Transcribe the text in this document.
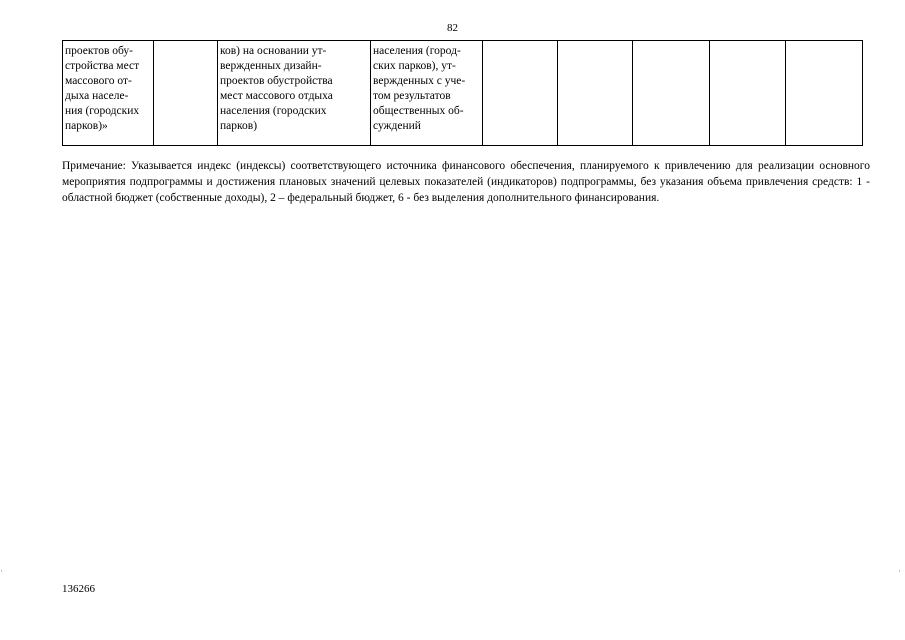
82
проектов обу-
стройства мест
массового от-
дыха населе-
ния (городских
парков)»		ков) на основании ут-
вержденных дизайн-
проектов обустройства
мест массового отдыха
населения (городских
парков)	населения (город-
ских парков), ут-
вержденных с уче-
том результатов
общественных об-
суждений					
Примечание: Указывается индекс (индексы) соответствующего источника финансового обеспечения, планируемого к привлечению для реализации основного мероприятия подпрограммы и достижения плановых значений целевых показателей (индикаторов) подпрограммы, без указания объема привлечения средств: 1 - областной бюджет (собственные доходы), 2 – федеральный бюджет, 6 - без выделения дополнительного финансирования.
136266
ᵢ	ᵢ
